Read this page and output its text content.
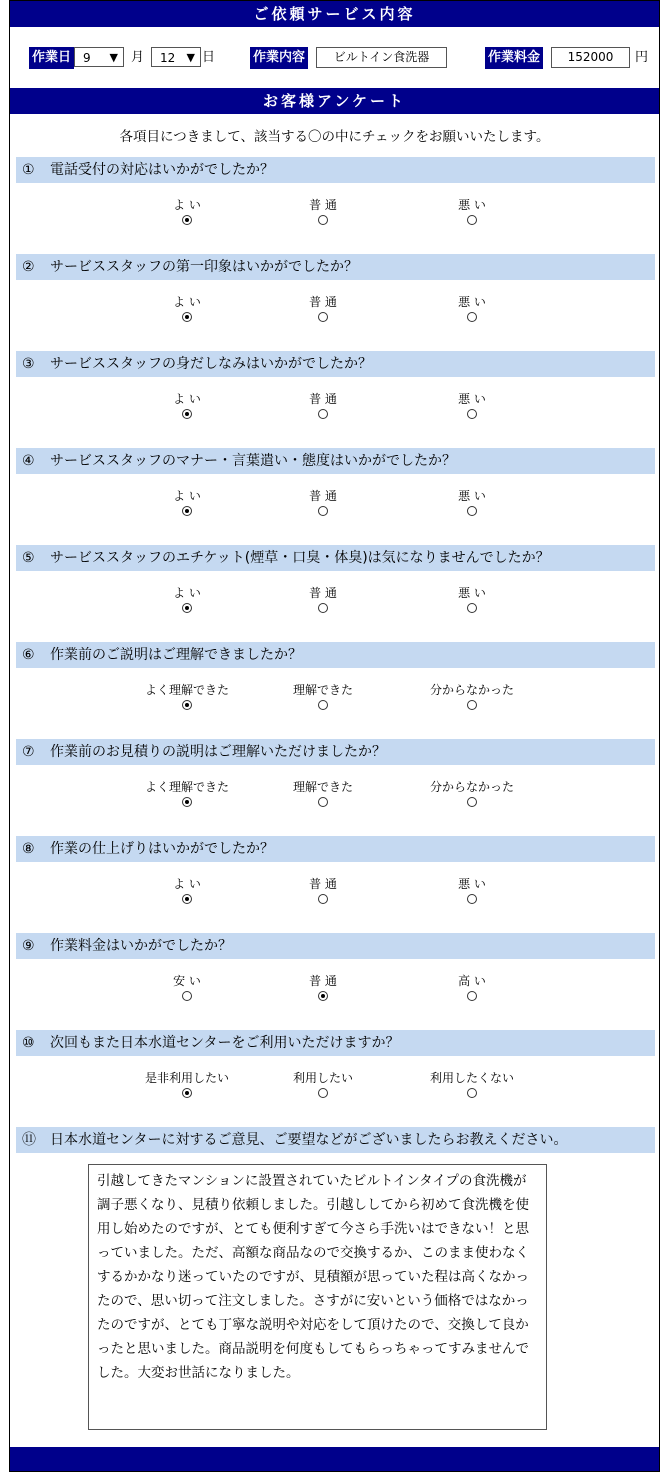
ご依頼サービス内容
作業日 9 ▼ 月	12 ▼ 日	作業内容	ビルトイン食洗器	作業料金	152000	円
お客様アンケート
各項目につきまして、該当する〇の中にチェックをお願いいたします。
① 電話受付の対応はいかがでしたか？
よ い	普 通	悪 い
② サービススタッフの第一印象はいかがでしたか？
よ い	普 通	悪 い
③ サービススタッフの身だしなみはいかがでしたか？
よ い	普 通	悪 い
④ サービススタッフのマナー・言葉遣い・態度はいかがでしたか？
よ い	普 通	悪 い
⑤ サービススタッフのエチケット(煙草・口臭・体臭)は気になりませんでしたか？
よ い	普 通	悪 い
⑥ 作業前のご説明はご理解できましたか？
よく理解できた	理解できた	分からなかった
⑦ 作業前のお見積りの説明はご理解いただけましたか？
よく理解できた	理解できた	分からなかった
⑧ 作業の仕上げりはいかがでしたか？
よ い	普 通	悪 い
⑨ 作業料金はいかがでしたか？
安 い	普 通	高 い
⑩ 次回もまた日本水道センターをご利用いただけますか？
是非利用したい	利用したい	利用したくない
⑪ 日本水道センターに対するご意見、ご要望などがございましたらお教えください。
引越してきたマンションに設置されていたビルトインタイプの食洗機が調子悪くなり、見積り依頼しました。引越ししてから初めて食洗機を使用し始めたのですが、とても便利すぎて今さら手洗いはできない！と思っていました。ただ、高額な商品なので交換するか、このまま使わなくするかかなり迷っていたのですが、見積額が思っていた程は高くなかったので、思い切って注文しました。さすがに安いという価格ではなかったのですが、とても丁寧な説明や対応をして頂けたので、交換して良かったと思いました。商品説明を何度もしてもらっちゃってすみませんでした。大変お世話になりました。
